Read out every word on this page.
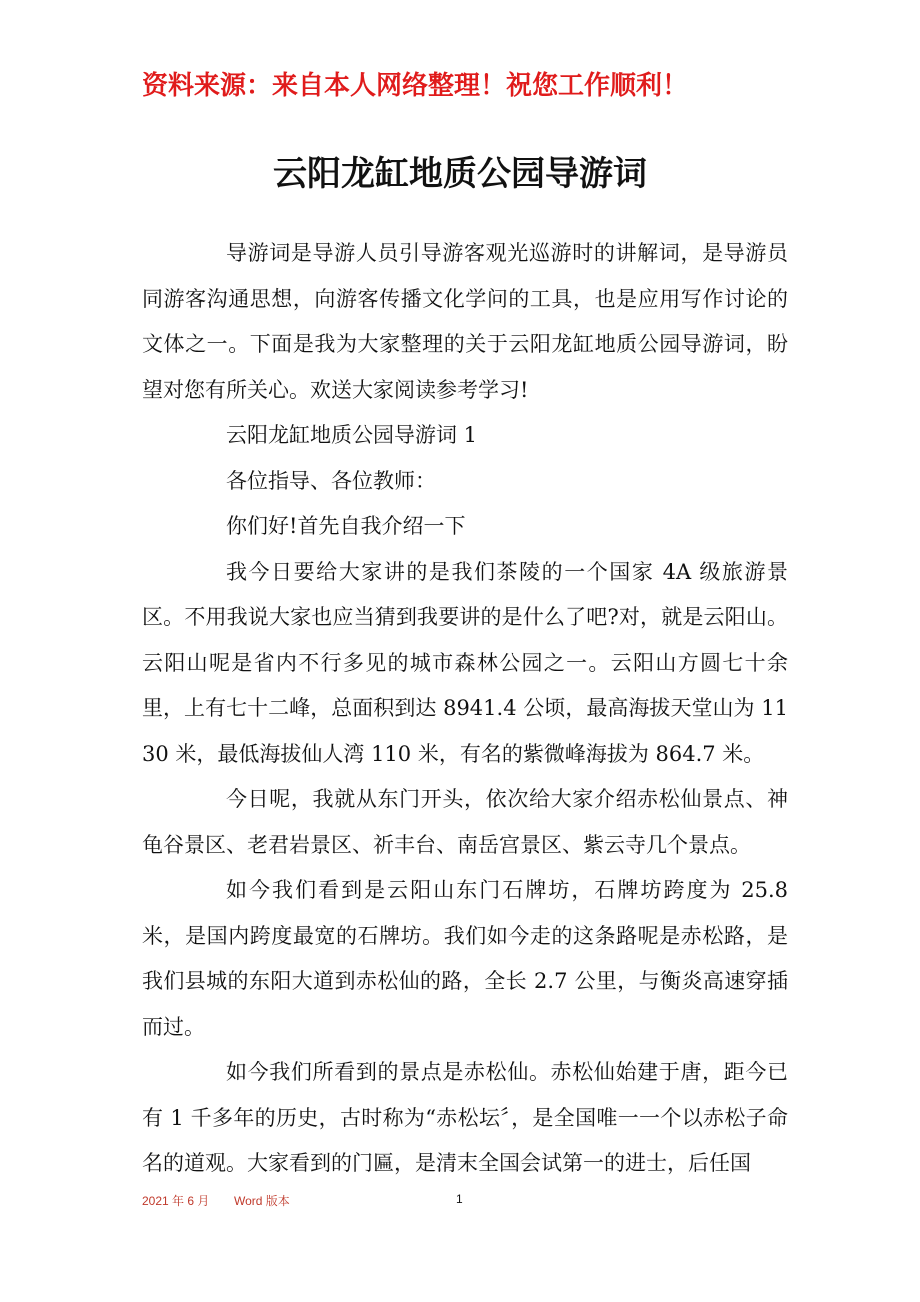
资料来源：来自本人网络整理！祝您工作顺利！
云阳龙缸地质公园导游词

导游词是导游人员引导游客观光巡游时的讲解词，是导游员同游客沟通思想，向游客传播文化学问的工具，也是应用写作讨论的文体之一。下面是我为大家整理的关于云阳龙缸地质公园导游词，盼望对您有所关心。欢送大家阅读参考学习!

云阳龙缸地质公园导游词 1

各位指导、各位教师：

你们好!首先自我介绍一下

我今日要给大家讲的是我们茶陵的一个国家 4A 级旅游景区。不用我说大家也应当猜到我要讲的是什么了吧?对，就是云阳山。云阳山呢是省内不行多见的城市森林公园之一。云阳山方圆七十余里，上有七十二峰，总面积到达 8941.4 公顷，最高海拔天堂山为 1130 米，最低海拔仙人湾 110 米，有名的紫微峰海拔为 864.7 米。

今日呢，我就从东门开头，依次给大家介绍赤松仙景点、神龟谷景区、老君岩景区、祈丰台、南岳宫景区、紫云寺几个景点。

如今我们看到是云阳山东门石牌坊，石牌坊跨度为 25.8 米，是国内跨度最宽的石牌坊。我们如今走的这条路呢是赤松路，是我们县城的东阳大道到赤松仙的路，全长 2.7 公里，与衡炎高速穿插而过。

如今我们所看到的景点是赤松仙。赤松仙始建于唐，距今已有 1 千多年的历史，古时称为“赤松坛〞，是全国唯一一个以赤松子命名的道观。大家看到的门匾，是清末全国会试第一的进士，后任国

2021 年 6 月 Word 版本	1
